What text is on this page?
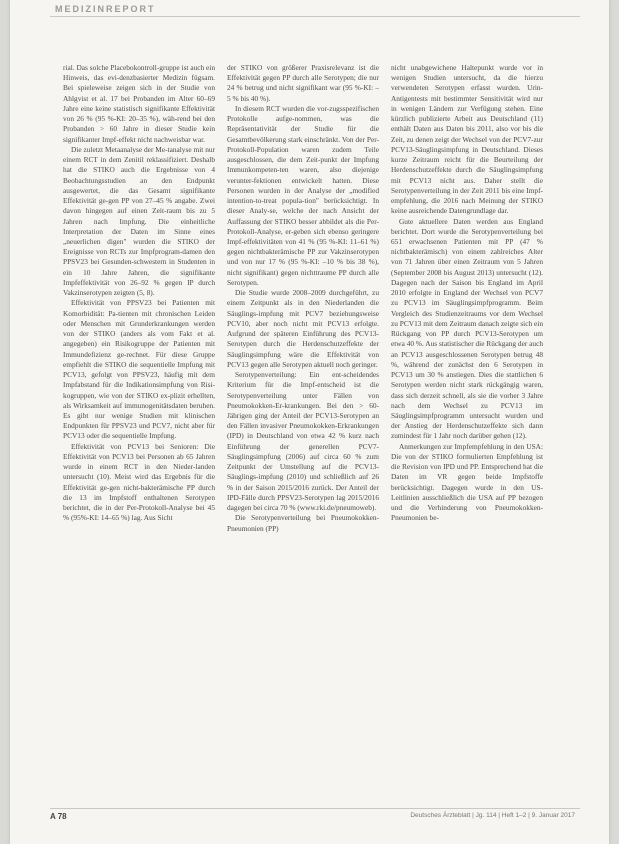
MEDIZINREPORT

rial. Das solche Placebokontroll-gruppe ist auch ein Hinweis, das evi-denzbasierter Medizin fügsam. Bei spieleweise zeigen sich in der Studie von Ahlgvist et al. 17 bei Probanden im Alter 60–69 Jahre eine keine statistisch signifikante Effektivität von 26 % (95 %-KI: 20–35 %), wäh-rend bei den Probanden > 60 Jahre in dieser Studie kein signifikanter Impf-effekt nicht nachweisbar war.

Die zuletzt Metaanalyse der Me-tanalyse mit nur einem RCT in dem Zenitil reklassifiziert. Deshalb hat die STIKO auch die Ergebnisse von 4 Beobachtungsstudien an den Endpunkt ausgewertet, die das Gesamt signifikante Effektivität ge-gen PP von 27–45 % angabe. Zwei davon hingegen auf einen Zeit-raum bis zu 5 Jahren nach Impfung. Die einheitliche Interpretation der Daten im Sinne eines „neuerlichen digen" wurden die STIKO der Ereignisse von RCTs zur Impfprogram-damen den PPSV23 bei Gesunden-schwestern in Studenten in ein 10 Jahre Jahren, die signifikante Impfeffektivität von 26–92 % gegen IP durch Vakzinserotypen zeigten (5, 8).

Effektivität von PPSV23 bei Patienten mit Komorbidität: Pa-tienten mit chronischen Leiden oder Menschen mit Grunderkrankungen werden von der STIKO (anders als vom Fakt et al. angegeben) ein Risikogruppe der Patienten mit Immundefizienz ge-rechnet. Für diese Gruppe empfiehlt die STIKO die sequentielle Impfung mit PCV13, gefolgt von PPSV23, häufig mit dem Impfabstand für die Indikationsimpfung von Risi-kogruppen, wie von der STIKO ex-plizit erhellten, als Wirksamkeit auf immunogenitätsdaten beruhen. Es gibt nur wenige Studien mit klinischen Endpunkten für PPSV23 und PCV7, nicht aber für PCV13 oder die sequentielle Impfung.

Effektivität von PCV13 bei Senioren: Die Effektivität von PCV13 bei Personen ab 65 Jahren wurde in einem RCT in den Nieder-landen untersucht (10). Meist wird das Ergebnis für die Effektivität ge-gen nicht-bakterämische PP durch die 13 im Impfstoff enthaltenen Serotypen berichtet, die in der Per-Protokoll-Analyse bei 45 % (95%-KI: 14–65 %) lag. Aus Sicht

der STIKO von größerer Praxisrelevanz ist die Effektivität gegen PP durch alle Serotypen; die nur 24 % betrug und nicht signifikant war (95 %-KI: –5 % bis 40 %).

In diesem RCT wurden die vor-zugsspezifischen Protokolle aufge-nommen, was die Repräsentativität der Studie für die Gesamtbevölkerung stark einschränkt. Von der Per-Protokoll-Population waren zudem Teile ausgeschlossen, die dem Zeit-punkt der Impfung Immunkompeten-ten waren, also diejenige verunter-fektionen entwickelt hatten. Diese Personen wurden in der Analyse der „modified intention-to-treat popula-tion" berücksichtigt. In dieser Analy-se, welche der nach Ansicht der Auffassung der STIKO besser abbildet als die Per-Protokoll-Analyse, er-geben sich ebenso geringere Impf-effektivitäten von 41 % (95 %-KI: 11–61 %) gegen nichtbakterämische PP zur Vakzinserotypen und von nur 17 % (95 %-KI: –10 % bis 38 %), nicht signifikant) gegen nichttraume PP durch alle Serotypen.

Die Studie wurde 2008–2009 durchgeführt, zu einem Zeitpunkt als in den Niederlanden die Säuglings-impfung mit PCV7 beziehungsweise PCV10, aber noch nicht mit PCV13 erfolgte. Aufgrund der späteren Einführung des PCV13-Serotypen durch die Herdenschutzeffekte der Säuglingsimpfung wäre die Effektivität von PCV13 gegen alle Serotypen aktuell noch geringer.

Serotypenverteilung: Ein ent-scheidendes Kriterium für die Impf-entscheid ist die Serotypenverteilung unter Fällen von Pneumokokken-Er-krankungen. Bei den > 60-Jährigen ging der Anteil der PCV13-Serotypen an den Fällen invasiver Pneumokokken-Erkrankungen (IPD) in Deutschland von etwa 42 % kurz nach Einführung der generellen PCV7-Säuglingsimpfung (2006) auf circa 60 % zum Zeitpunkt der Umstellung auf die PCV13-Säuglings-impfung (2010) und schließlich auf 26 % in der Saison 2015/2016 zurück. Der Anteil der IPD-Fälle durch PPSV23-Serotypen lag 2015/2016 dagegen bei circa 70 % (www.rki.de/pneumoweb).

Die Serotypenverteilung bei Pneumokokken-Pneumonien (PP)

nicht unabgewichene Haltepunkt wurde vor in wenigen Studien untersucht, da die hierzu verwendeten Serotypen erfasst wurden. Urin-Antigentests mit bestimmter Sensitivität wird nur in wenigen Ländern zur Verfügung stehen. Eine kürzlich publizierte Arbeit aus Deutschland (11) enthält Daten aus Daten bis 2011, also vor bis die Zeit, zu denen zeigt der Wechsel von der PCV7-zur PCV13-Säuglingsimpfung in Deutschland. Dieses kurze Zeitraum reicht für die Beurteilung der Herdenschutzeffekte durch die Säuglingsimpfung mit PCV13 nicht aus. Daher stellt die Serotypenverteilung in der Zeit 2011 bis eine Impf-empfehlung, die 2016 nach Meinung der STIKO keine ausreichende Datengrundlage dar.

Gute aktuellere Daten werden aus England berichtet. Dort wurde die Serotypenverteilung bei 651 erwachsenen Patienten mit PP (47 % nichtbakterämisch) von einem zahlreiches Alter von 71 Jahren über einen Zeitraum von 5 Jahren (September 2008 bis August 2013) untersucht (12). Dagegen nach der Saison bis England im April 2010 erfolgte in England der Wechsel von PCV7 zu PCV13 im Säuglingsimpfprogramm. Beim Vergleich des Studienzeitraums vor dem Wechsel zu PCV13 mit dem Zeitraum danach zeigte sich ein Rückgang von PP durch PCV13-Serotypen um etwa 40 %. Aus statistischer die Rückgang der auch an PCV13 ausgeschlossenen Serotypen betrug 48 %, während der zunächst den 6 Serotypen in PCV13 um 30 % anstiegen. Dies die stattlichen 6 Serotypen werden nicht stark rückgängig waren, dass sich derzeit schnell, als sie die vorher 3 Jahre nach dem Wechsel zu PCV13 im Säuglingsimpfprogramm untersucht wurden und der Anstieg der Herdenschutzeffekte sich dann zumindest für 1 Jahr noch darüber gehen (12).

Anmerkungen zur Impfempfehlung in den USA: Die von der STIKO formulierten Empfehlung ist die Revision von IPD und PP. Entsprechend hat die Daten im VR gegen beide Impfstoffe berücksichtigt. Dagegen wurde in den US-Leitlinien ausschließlich die USA auf PP bezogen und die Verhinderung von Pneumokokken-Pneumonien be-

A 78	Deutsches Ärzteblatt | Jg. 114 | Heft 1–2 | 9. Januar 2017
